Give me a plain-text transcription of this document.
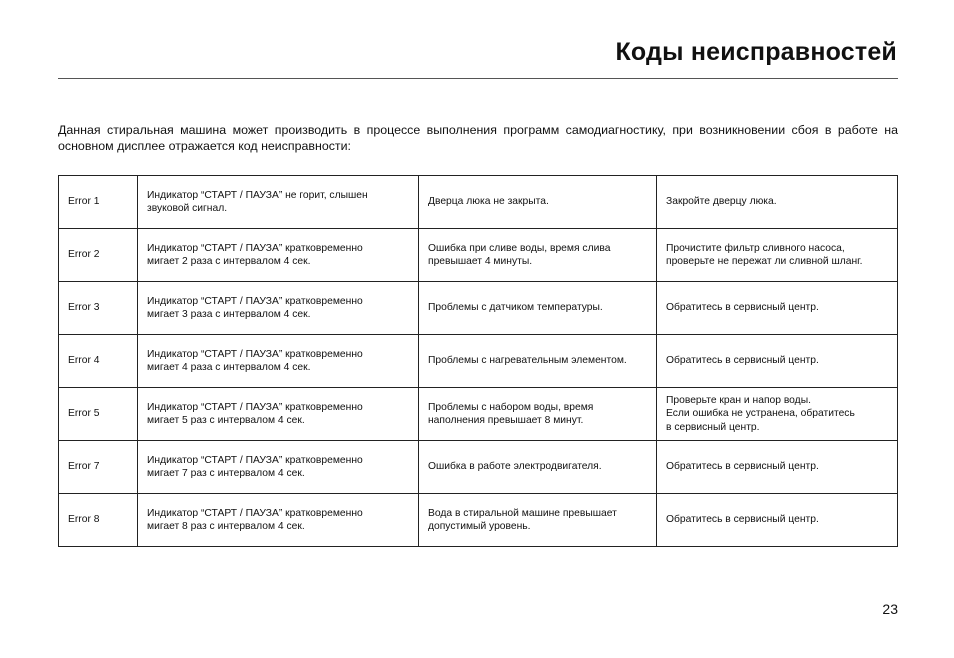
Коды неисправностей

Данная стиральная машина может производить в процессе выполнения программ самодиагностику, при возникновении сбоя в работе на основном дисплее отражается код неисправности:

Error 1	Индикатор “СТАРТ / ПАУЗА” не горит, слышен
звуковой сигнал.	Дверца люка не закрыта.	Закройте дверцу люка.
Error 2	Индикатор “СТАРТ / ПАУЗА” кратковременно
мигает 2 раза с интервалом 4 сек.	Ошибка при сливе воды, время слива
превышает 4 минуты.	Прочистите фильтр сливного насоса,
проверьте не пережат ли сливной шланг.
Error 3	Индикатор “СТАРТ / ПАУЗА” кратковременно
мигает 3 раза с интервалом 4 сек.	Проблемы с датчиком температуры.	Обратитесь в сервисный центр.
Error 4	Индикатор “СТАРТ / ПАУЗА” кратковременно
мигает 4 раза с интервалом 4 сек.	Проблемы с нагревательным элементом.	Обратитесь в сервисный центр.
Error 5	Индикатор “СТАРТ / ПАУЗА” кратковременно
мигает 5 раз с интервалом 4 сек.	Проблемы с набором воды, время
наполнения превышает 8 минут.	Проверьте кран и напор воды.
Если ошибка не устранена, обратитесь
в сервисный центр.
Error 7	Индикатор “СТАРТ / ПАУЗА” кратковременно
мигает 7 раз с интервалом 4 сек.	Ошибка в работе электродвигателя.	Обратитесь в сервисный центр.
Error 8	Индикатор “СТАРТ / ПАУЗА” кратковременно
мигает 8 раз с интервалом 4 сек.	Вода в стиральной машине превышает
допустимый уровень.	Обратитесь в сервисный центр.
23
